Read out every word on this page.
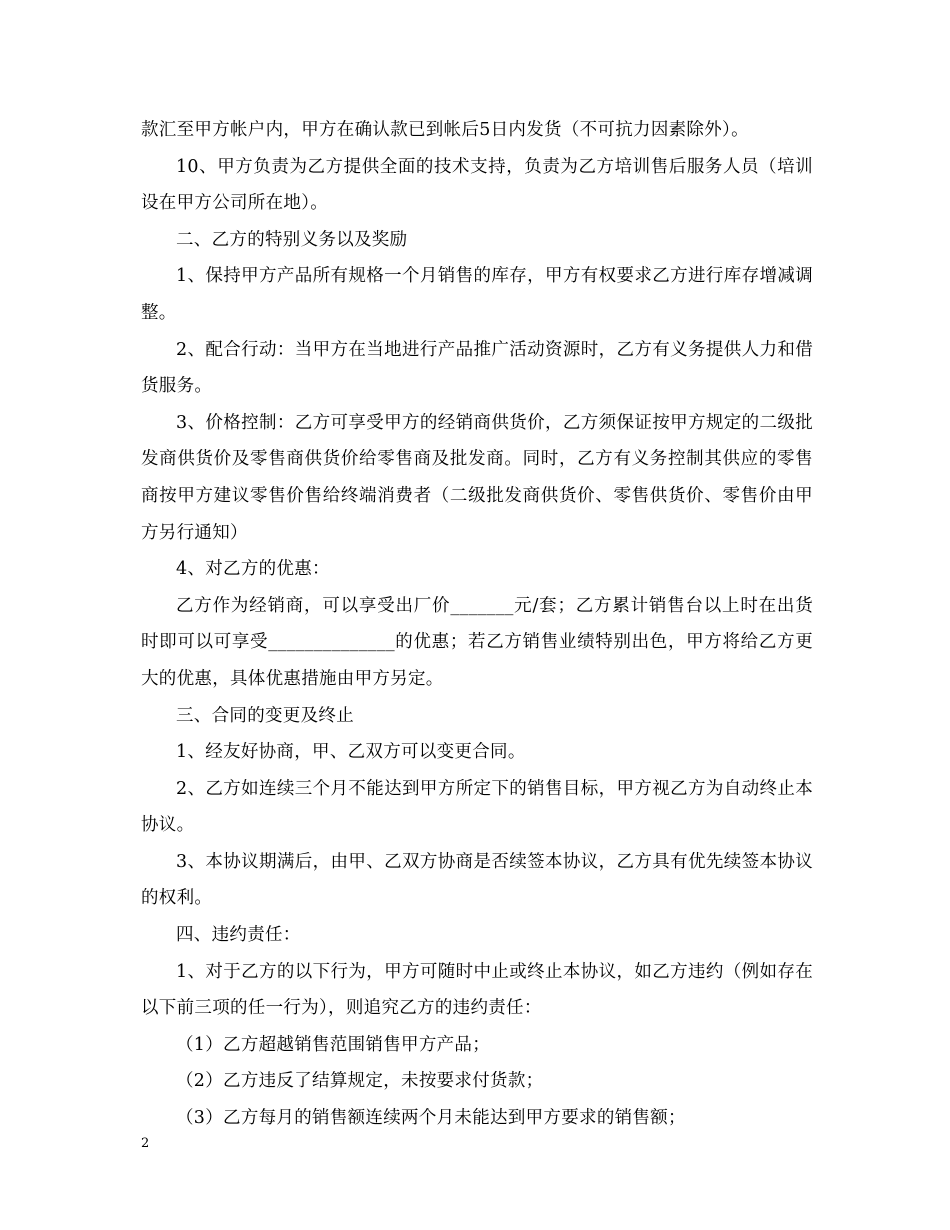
款汇至甲方帐户内，甲方在确认款已到帐后5日内发货（不可抗力因素除外）。

10、甲方负责为乙方提供全面的技术支持，负责为乙方培训售后服务人员（培训设在甲方公司所在地）。

二、乙方的特别义务以及奖励

1、保持甲方产品所有规格一个月销售的库存，甲方有权要求乙方进行库存增减调整。

2、配合行动：当甲方在当地进行产品推广活动资源时，乙方有义务提供人力和借货服务。

3、价格控制：乙方可享受甲方的经销商供货价，乙方须保证按甲方规定的二级批发商供货价及零售商供货价给零售商及批发商。同时，乙方有义务控制其供应的零售商按甲方建议零售价售给终端消费者（二级批发商供货价、零售供货价、零售价由甲方另行通知）

4、对乙方的优惠：

乙方作为经销商，可以享受出厂价_______元/套；乙方累计销售台以上时在出货时即可以可享受______________的优惠；若乙方销售业绩特别出色，甲方将给乙方更大的优惠，具体优惠措施由甲方另定。

三、合同的变更及终止

1、经友好协商，甲、乙双方可以变更合同。

2、乙方如连续三个月不能达到甲方所定下的销售目标，甲方视乙方为自动终止本协议。

3、本协议期满后，由甲、乙双方协商是否续签本协议，乙方具有优先续签本协议的权利。

四、违约责任：

1、对于乙方的以下行为，甲方可随时中止或终止本协议，如乙方违约（例如存在以下前三项的任一行为），则追究乙方的违约责任：

（1）乙方超越销售范围销售甲方产品；

（2）乙方违反了结算规定，未按要求付货款；

（3）乙方每月的销售额连续两个月未能达到甲方要求的销售额；

2
